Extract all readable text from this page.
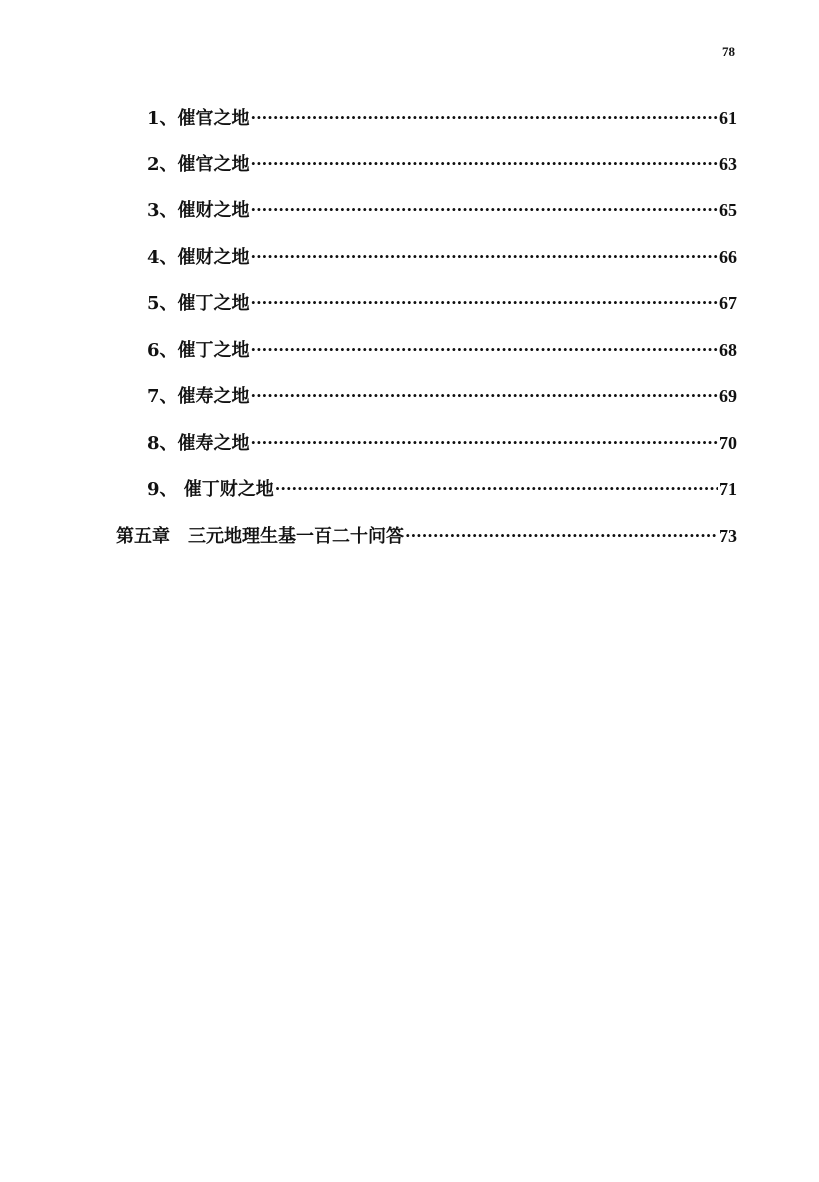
78
1、催官之地 .....	61
2、催官之地 .....	63
3、催财之地 .....	65
4、催财之地 .....	66
5、催丁之地 .....	67
6、催丁之地 .....	68
7、催寿之地 .....	69
8、催寿之地 .....	70
9、 催丁财之地 .....	71
第五章　三元地理生基一百二十问答 .....	73
